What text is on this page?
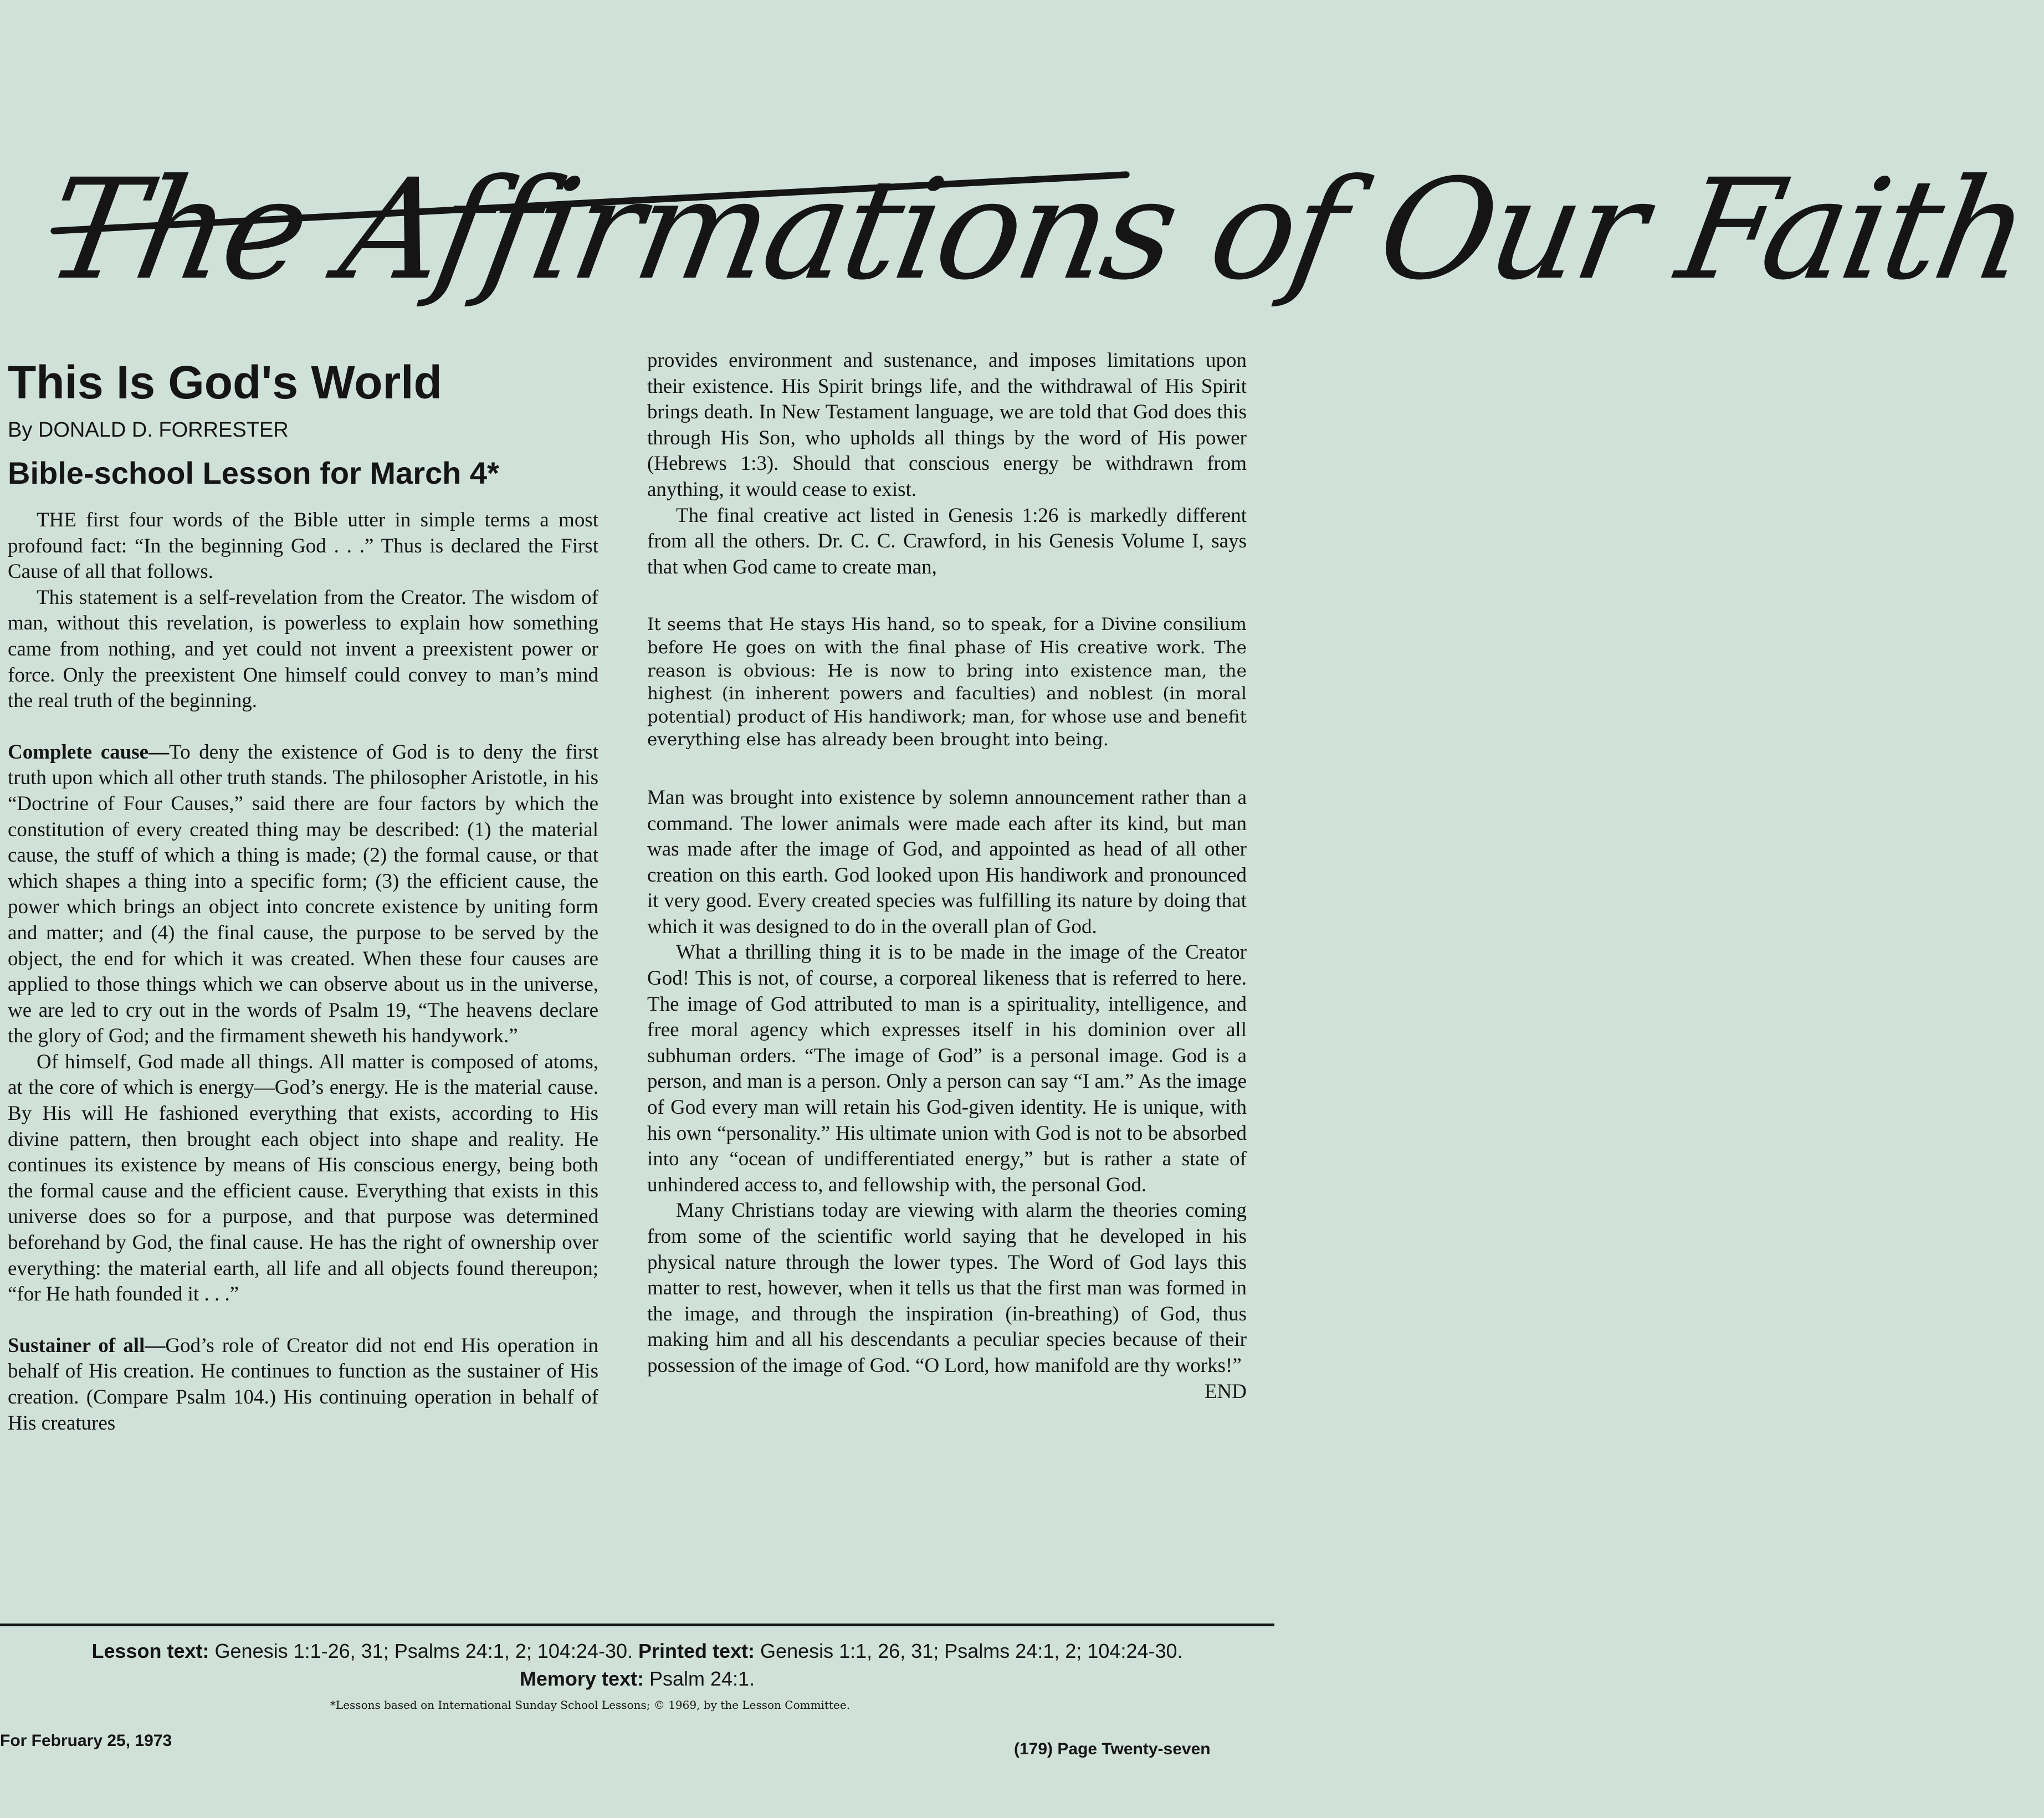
The Affirmations of Our Faith
This Is God's World
By DONALD D. FORRESTER
Bible-school Lesson for March 4*

THE first four words of the Bible utter in simple terms a most profound fact: “In the beginning God . . .” Thus is declared the First Cause of all that follows.

This statement is a self-revelation from the Creator. The wisdom of man, without this revelation, is powerless to explain how something came from nothing, and yet could not invent a preexistent power or force. Only the preexistent One himself could convey to man’s mind the real truth of the beginning.

Complete cause—To deny the existence of God is to deny the first truth upon which all other truth stands. The philosopher Aristotle, in his “Doctrine of Four Causes,” said there are four factors by which the constitution of every created thing may be described: (1) the material cause, the stuff of which a thing is made; (2) the formal cause, or that which shapes a thing into a specific form; (3) the efficient cause, the power which brings an object into concrete existence by uniting form and matter; and (4) the final cause, the purpose to be served by the object, the end for which it was created. When these four causes are applied to those things which we can observe about us in the universe, we are led to cry out in the words of Psalm 19, “The heavens declare the glory of God; and the firmament sheweth his handywork.”

Of himself, God made all things. All matter is composed of atoms, at the core of which is energy—God’s energy. He is the material cause. By His will He fashioned everything that exists, according to His divine pattern, then brought each object into shape and reality. He continues its existence by means of His conscious energy, being both the formal cause and the efficient cause. Everything that exists in this universe does so for a purpose, and that purpose was determined beforehand by God, the final cause. He has the right of ownership over everything: the material earth, all life and all objects found thereupon; “for He hath founded it . . .”

Sustainer of all—God’s role of Creator did not end His operation in behalf of His creation. He continues to function as the sustainer of His creation. (Compare Psalm 104.) His continuing operation in behalf of His creatures

provides environment and sustenance, and imposes limitations upon their existence. His Spirit brings life, and the withdrawal of His Spirit brings death. In New Testament language, we are told that God does this through His Son, who upholds all things by the word of His power (Hebrews 1:3). Should that conscious energy be withdrawn from anything, it would cease to exist.

The final creative act listed in Genesis 1:26 is markedly different from all the others. Dr. C. C. Crawford, in his Genesis Volume I, says that when God came to create man,

It seems that He stays His hand, so to speak, for a Divine consilium before He goes on with the final phase of His creative work. The reason is obvious: He is now to bring into existence man, the highest (in inherent powers and faculties) and noblest (in moral potential) product of His handiwork; man, for whose use and benefit everything else has already been brought into being.

Man was brought into existence by solemn announcement rather than a command. The lower animals were made each after its kind, but man was made after the image of God, and appointed as head of all other creation on this earth. God looked upon His handiwork and pronounced it very good. Every created species was fulfilling its nature by doing that which it was designed to do in the overall plan of God.

What a thrilling thing it is to be made in the image of the Creator God! This is not, of course, a corporeal likeness that is referred to here. The image of God attributed to man is a spirituality, intelligence, and free moral agency which expresses itself in his dominion over all subhuman orders. “The image of God” is a personal image. God is a person, and man is a person. Only a person can say “I am.” As the image of God every man will retain his God-given identity. He is unique, with his own “personality.” His ultimate union with God is not to be absorbed into any “ocean of undifferentiated energy,” but is rather a state of unhindered access to, and fellowship with, the personal God.

Many Christians today are viewing with alarm the theories coming from some of the scientific world saying that he developed in his physical nature through the lower types. The Word of God lays this matter to rest, however, when it tells us that the first man was formed in the image, and through the inspiration (in-breathing) of God, thus making him and all his descendants a peculiar species because of their possession of the image of God. “O Lord, how manifold are thy works!”
END

Lesson text: Genesis 1:1-26, 31; Psalms 24:1, 2; 104:24-30. Printed text: Genesis 1:1, 26, 31; Psalms 24:1, 2; 104:24-30.
Memory text: Psalm 24:1.
*Lessons based on International Sunday School Lessons; © 1969, by the Lesson Committee.
For February 25, 1973	(179) Page Twenty-seven
